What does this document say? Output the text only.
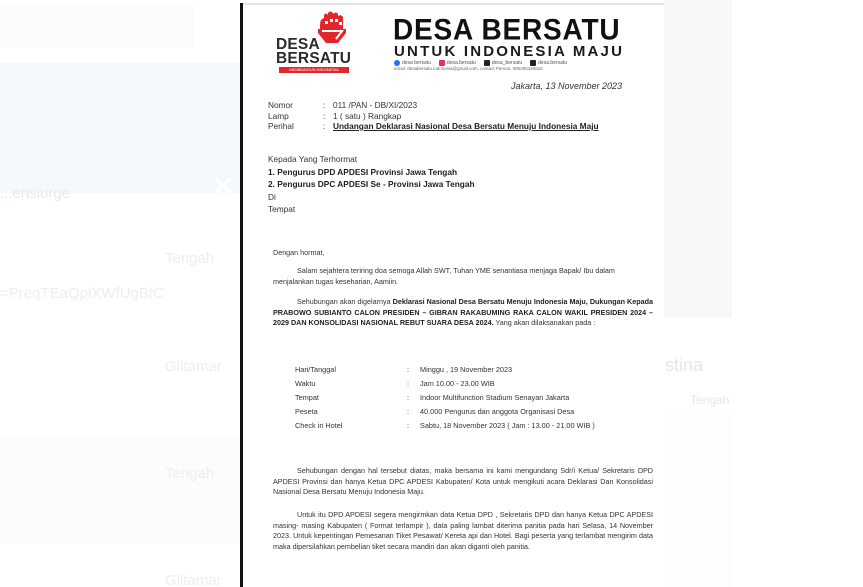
...ensiurge	✕
Tengah
=PreqTEaQplXWfUgBfC
Giltamar
Tengah
Giltamar
stina
Tengah
DESA
BERSATU
MEMBANGUN INDONESIA
DESA BERSATU
UNTUK INDONESIA MAJU
desa bersatu	desa.bersatu	desa_bersatu	desa.bersatu
email: desabersatu.indonesia@gmail.com, contact Person: 085280446515
Jakarta, 13 November 2023
Nomor	: 011 /PAN - DB/XI/2023
Lamp	: 1 ( satu ) Rangkap
Perihal	: Undangan Deklarasi Nasional Desa Bersatu Menuju Indonesia Maju
Kepada Yang Terhormat
1. Pengurus DPD APDESI Provinsi Jawa Tengah
2. Pengurus DPC APDESI Se - Provinsi Jawa Tengah
Di
Tempat
Dengan hormat,
Salam sejahtera teriring doa semoga Allah SWT, Tuhan YME senantiasa menjaga Bapak/ Ibu dalam menjalankan tugas keseharian, Aamiin.
Sehubungan akan digelarnya Deklarasi Nasional Desa Bersatu Menuju Indonesia Maju, Dukungan Kepada PRABOWO SUBIANTO CALON PRESIDEN – GIBRAN RAKABUMING RAKA CALON WAKIL PRESIDEN 2024 – 2029 DAN KONSOLIDASI NASIONAL REBUT SUARA DESA 2024. Yang akan dilaksanakan pada :
Hari/Tanggal	:	Minggu , 19 November 2023
Waktu	:	Jam 10.00 - 23.00 WIB
Tempat	:	Indoor Multifunction Stadium Senayan Jakarta
Peseta	:	40.000 Pengurus dan anggota Organisasi Desa
Check in Hotel	:	Sabtu, 18 November 2023 ( Jam : 13.00 - 21.00 WIB )
Sehubungan dengan hal tersebut diatas, maka bersama ini kami mengundang Sdr/i Ketua/ Sekretaris DPD APDESI Provinsi dan hanya Ketua DPC APDESI Kabupaten/ Kota untuk mengikuti acara Deklarasi Dan Konsolidasi Nasional Desa Bersatu Menuju Indonesia Maju.
Untuk itu DPD APDESI segera mengirmkan data Ketua DPD , Sekretaris DPD dan hanya Ketua DPC APDESI masing- masing Kabupaten ( Format terlampir ), data paling lambat diterima panitia pada hari Selasa, 14 November 2023. Untuk kepentingan Pemesanan Tiket Pesawat/ Kereta api dan Hotel. Bagi peserta yang terlambat mengirim data maka dipersilahkan pembelian tiket secara mandiri dan akan diganti oleh panitia.
